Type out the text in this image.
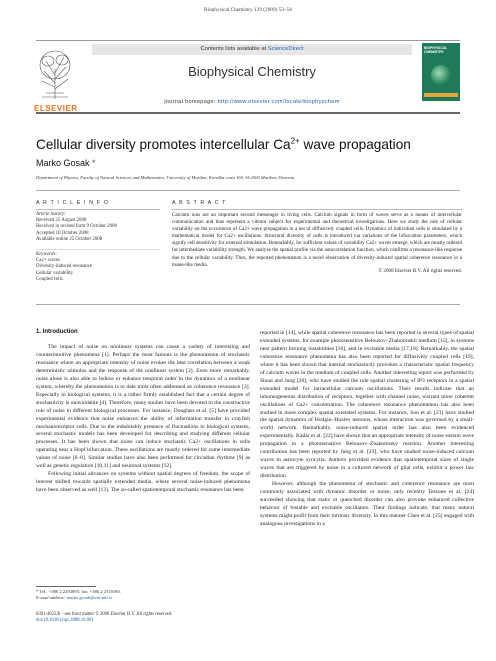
Biophysical Chemistry 139 (2009) 53–56
ELSEVIER
Contents lists available at ScienceDirect
Biophysical Chemistry
journal homepage: http://www.elsevier.com/locate/biophyschem
BIOPHYSICAL CHEMISTRY
Cellular diversity promotes intercellular $Ca^{2+}$ wave propagation
Marko Gosak *
Department of Physics, Faculty of Natural Sciences and Mathematics, University of Maribor, Koroška cesta 160, SI-2000 Maribor, Slovenia
A R T I C L E I N F O
Article history:
Received 25 August 2008
Received in revised form 9 October 2008
Accepted 10 October 2008
Available online 25 October 2008
Keywords:
Ca2+ waves
Diversity-induced resonance
Cellular variability
Coupled cells
A B S T R A C T
Calcium ions are an important second messenger in living cells. Calcium signals in form of waves serve as a means of intercellular communication and thus represent a vibrant subject for experimental and theoretical investigations. Here we study the role of cellular variability on the occurrence of Ca2+ wave propagation in a net of diffusively coupled cells. Dynamics of individual cells is simulated by a mathematical model for Ca2+ oscillations. Structural diversity of cells is introduced via variations of the bifurcation parameters, which signify cell sensitivity for external stimulation. Remarkably, for sufficient values of variability Ca2+ waves emerge, which are mostly ordered for intermediate variability strength. We analyze the spatial profile via the autocorrelation function, which confirms a resonance-like response due to the cellular variability. Thus, the reported phenomenon is a novel observation of diversity-induced spatial coherence resonance in a tissue-like media.
© 2008 Elsevier B.V. All rights reserved.
1. Introduction

The impact of noise on nonlinear systems can cause a variety of interesting and counterintuitive phenomena [1]. Perhaps the most famous is the phenomenon of stochastic resonance where an appropriate intensity of noise evokes the best correlation between a weak deterministic stimulus and the response of the nonlinear system [2]. Even more remarkably, noise alone is also able to induce or enhance temporal order in the dynamics of a nonlinear system, whereby the phenomenon is to date most often addressed as coherence resonance [3]. Especially in biological systems, it is a rather firmly established fact that a certain degree of stochasticity is unavoidable [4]. Therefore, many studies have been devoted to the constructive role of noise in different biological processes. For instance, Douglass et al. [5] have provided experimental evidence that noise enhances the ability of information transfer in crayfish mechanoreceptor cells. Due to the indubitably presence of fluctuations in biological systems, several stochastic models has been developed for describing and studying different cellular processes. It has been shown that noise can induce stochastic Ca2+ oscillations in cells operating near a Hopf bifurcation. These oscillations are mostly ordered for some intermediate values of noise [6–8]. Similar studies have also been performed for circadian rhythms [9] as well as genetic regulation [10,11] and neuronal systems [12].

Following initial advances on systems without spatial degrees of freedom, the scope of interest shifted towards spatially extended media, where several noise-induced phenomena have been observed as well [13]. The so-called spatiotemporal stochastic resonance has been

reported in [14], while spatial coherence resonance has been reported in several types of spatial extended systems, for example photosensitive Belousov–Zhabotinskii medium [15], in systems near pattern forming instabilities [16], and in excitable media [17,18]. Remarkably, the spatial coherence resonance phenomena has also been reported for diffusively coupled cells [19], where it has been shown that internal stochasticity provokes a characteristic spatial frequency of calcium waves in the medium of coupled cells. Another interesting report was performed by Shuai and Jung [20], who have studied the role spatial clustering of IP3 receptors in a spatial extended model for intracellular calcium oscillations. Their results indicate that an inhomogeneous distribution of receptors, together with channel noise, warrant more coherent oscillations of Ca2+ concentration. The coherence resonance phenomenon has also been studied in more complex spatial extended systems. For instance, Sun et al. [21] have studied the spatial dynamics of Hodgin–Huxley neurons, whose interaction was governed by a small-world network. Remarkably, noise-induced spatial order has also been evidenced experimentally. Kádár et al. [22] have shown that an appropriate intensity of noise sustain wave propagation in a photosensitive Belousov–Zhabotinsky reaction. Another interesting contribution has been reported by Jung et al. [23], who have studied noise-induced calcium waves in astrocyte syncytia. Authors provided evidence that spatiotemporal sizes of single waves that are triggered by noise in a cultured network of glial cells, exhibit a power law distribution.

However, although the phenomena of stochastic and coherence resonance are most commonly associated with dynamic disorder or noise, only recently Tessone et al. [24] succeeded showing that static or quenched disorder can also provoke enhanced collective behavior of bistable and excitable oscillators. Their findings indicate, that many natural systems might profit from their intrinsic diversity. In this manner Chen et al. [25] engaged with analogous investigations in a

* Tel.: +386 2 2293893; fax: +386 2 2518180.
E-mail address: marko.gosak@uni-mb.si.
0301-4622/$ – see front matter © 2008 Elsevier B.V. All rights reserved.
doi:10.1016/j.bpc.2008.10.001
